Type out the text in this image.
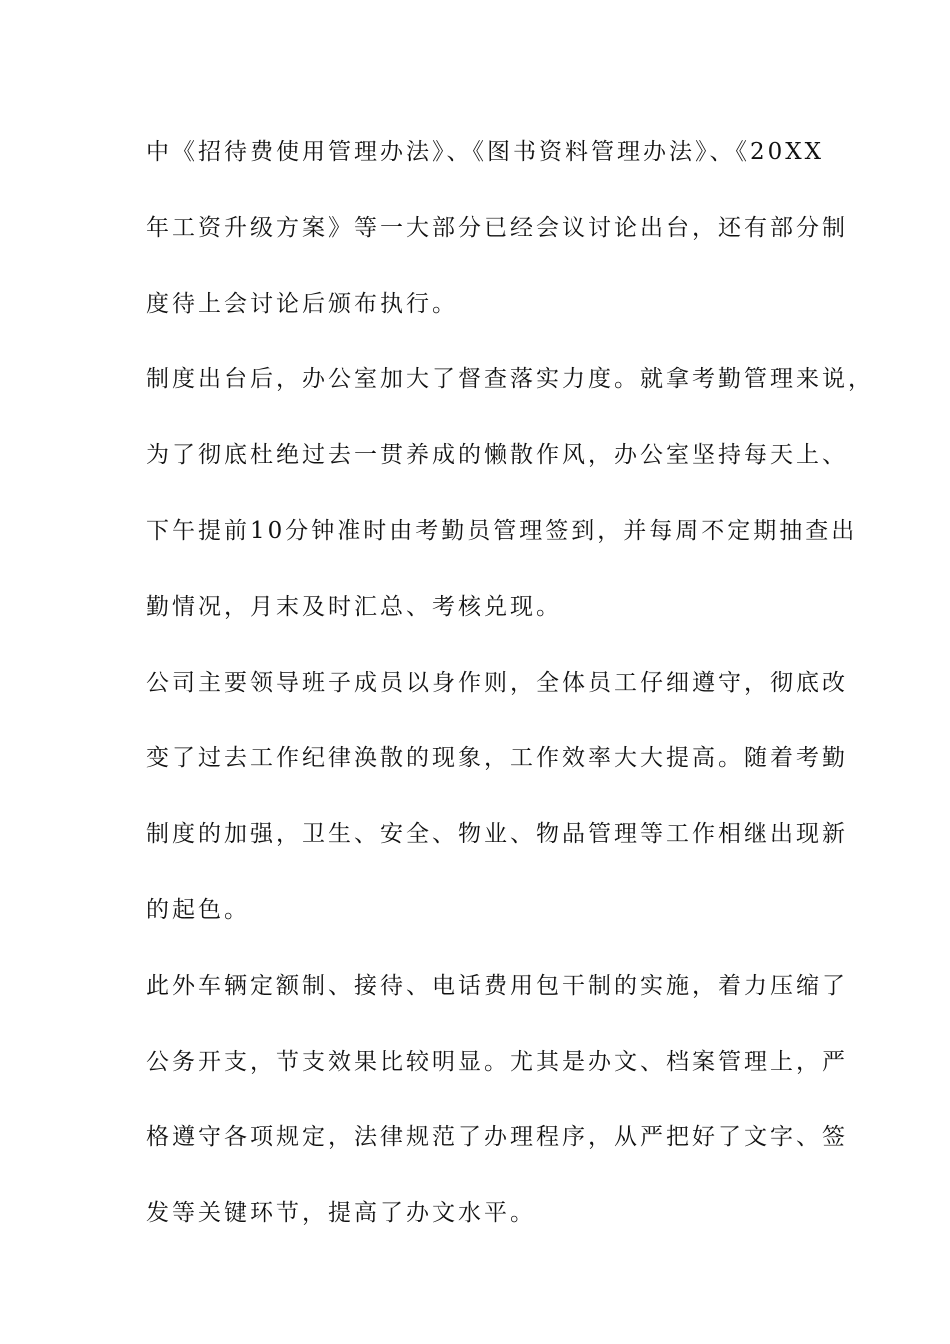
中《招待费使用管理办法》、《图书资料管理办法》、《20XX
年工资升级方案》等一大部分已经会议讨论出台，还有部分制
度待上会讨论后颁布执行。
制度出台后，办公室加大了督查落实力度。就拿考勤管理来说，
为了彻底杜绝过去一贯养成的懒散作风，办公室坚持每天上、
下午提前10分钟准时由考勤员管理签到，并每周不定期抽查出
勤情况，月末及时汇总、考核兑现。
公司主要领导班子成员以身作则，全体员工仔细遵守，彻底改
变了过去工作纪律涣散的现象，工作效率大大提高。随着考勤
制度的加强，卫生、安全、物业、物品管理等工作相继出现新
的起色。
此外车辆定额制、接待、电话费用包干制的实施，着力压缩了
公务开支，节支效果比较明显。尤其是办文、档案管理上，严
格遵守各项规定，法律规范了办理程序，从严把好了文字、签
发等关键环节，提高了办文水平。
